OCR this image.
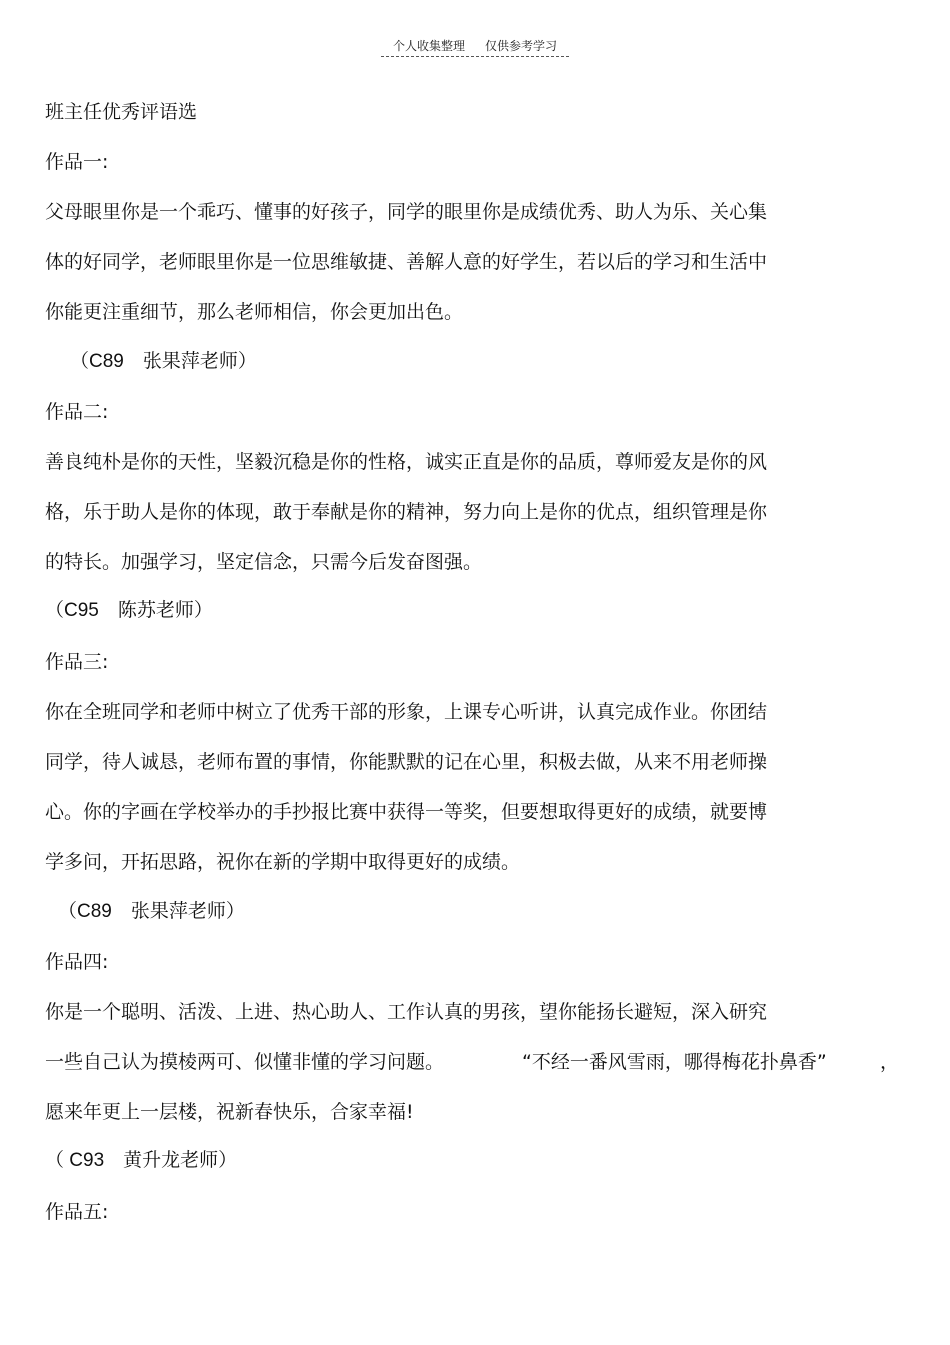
个人收集整理 仅供参考学习

班主任优秀评语选

作品一:

父母眼里你是一个乖巧、懂事的好孩子，同学的眼里你是成绩优秀、助人为乐、关心集

体的好同学，老师眼里你是一位思维敏捷、善解人意的好学生，若以后的学习和生活中

你能更注重细节，那么老师相信，你会更加出色。

（C89　张果萍老师）

作品二:

善良纯朴是你的天性，坚毅沉稳是你的性格，诚实正直是你的品质，尊师爱友是你的风

格，乐于助人是你的体现，敢于奉献是你的精神，努力向上是你的优点，组织管理是你

的特长。加强学习，坚定信念，只需今后发奋图强。

（C95　陈苏老师）

作品三:

你在全班同学和老师中树立了优秀干部的形象，上课专心听讲，认真完成作业。你团结

同学，待人诚恳，老师布置的事情，你能默默的记在心里，积极去做，从来不用老师操

心。你的字画在学校举办的手抄报比赛中获得一等奖，但要想取得更好的成绩，就要博

学多问，开拓思路，祝你在新的学期中取得更好的成绩。

（C89　张果萍老师）

作品四:

你是一个聪明、活泼、上进、热心助人、工作认真的男孩，望你能扬长避短，深入研究

一些自己认为摸棱两可、似懂非懂的学习问题。	“不经一番风雪雨，哪得梅花扑鼻香”	，

愿来年更上一层楼，祝新春快乐，合家幸福!

（ C93　黄升龙老师）

作品五:
